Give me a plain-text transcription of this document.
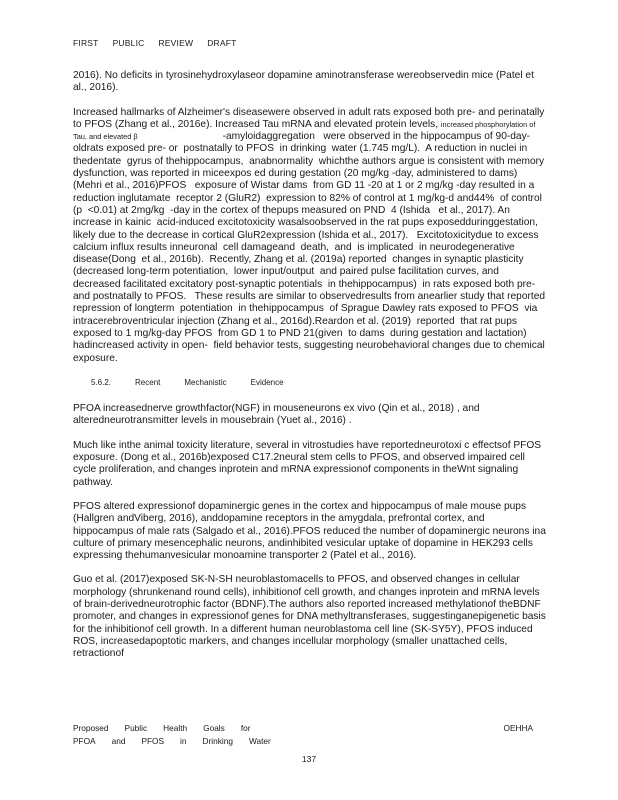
FIRST PUBLIC REVIEW DRAFT

2016). No deficits in tyrosinehydroxylaseor dopamine aminotransferase wereobservedin mice (Patel et al., 2016).

Increased hallmarks of Alzheimer's diseasewere observed in adult rats exposed both pre- and perinatally to PFOS (Zhang et al., 2016e). Increased Tau mRNA and elevated protein levels, increased phosphorylation of Tau, and elevated β                              -amyloidaggregation   were observed in the hippocampus of 90-day-oldrats exposed pre- or  postnatally to PFOS  in drinking  water (1.745 mg/L).  A reduction in nuclei in thedentate  gyrus of thehippocampus,  anabnormality  whichthe authors argue is consistent with memory  dysfunction, was reported in miceexpos ed during gestation (20 mg/kg -day, administered to dams) (Mehri et al., 2016)PFOS   exposure of Wistar dams  from GD 11 -20 at 1 or 2 mg/kg -day resulted in a reduction inglutamate  receptor 2 (GluR2)  expression to 82% of control at 1 mg/kg-d and44%  of control (p  <0.01) at 2mg/kg  -day in the cortex of thepups measured on PND  4 (Ishida   et al., 2017). An  increase in kainic  acid-induced excitotoxicity wasalsoobserved in the rat pups exposedduringgestation,  likely due to the decrease in cortical GluR2expression (Ishida et al., 2017).   Excitotoxicitydue to excess calcium influx results inneuronal  cell damageand  death,  and  is implicated  in neurodegenerative disease(Dong  et al., 2016b).  Recently, Zhang et al. (2019a) reported  changes in synaptic plasticity (decreased long-term potentiation,  lower input/output  and paired pulse facilitation curves, and decreased facilitated excitatory post-synaptic potentials  in thehippocampus)  in rats exposed both pre- and postnatally to PFOS.   These results are similar to observedresults from anearlier study that reported repression of longterm  potentiation  in thehippocampus  of Sprague Dawley rats exposed to PFOS  via intracerebroventricular injection (Zhang et al., 2016d).Reardon et al. (2019)  reported  that rat pups exposed to 1 mg/kg-day PFOS  from GD 1 to PND 21(given  to dams  during gestation and lactation) hadincreased activity in open-  field behavior tests, suggesting neurobehavioral changes due to chemical exposure.

5.6.2.	Recent	Mechanistic	Evidence

PFOA increasednerve growthfactor(NGF) in mouseneurons ex vivo (Qin et al., 2018) , and alteredneurotransmitter levels in mousebrain (Yuet al., 2016) .

Much like inthe animal toxicity literature, several in vitrostudies have reportedneurotoxi c effectsof PFOS exposure. (Dong et al., 2016b)exposed C17.2neural stem cells to PFOS, and observed impaired cell cycle proliferation, and changes inprotein and mRNA expressionof components in theWnt signaling pathway.

PFOS altered expressionof dopaminergic genes in the cortex and hippocampus of male mouse pups (Hallgren andViberg, 2016), anddopamine receptors in the amygdala, prefrontal cortex, and hippocampus of male rats (Salgado et al., 2016).PFOS reduced the number of dopaminergic neurons ina culture of primary mesencephalic neurons, andinhibited vesicular uptake of dopamine in HEK293 cells expressing thehumanvesicular monoamine transporter 2 (Patel et al., 2016).

Guo et al. (2017)exposed SK-N-SH neuroblastomacells to PFOS, and observed changes in cellular morphology (shrunkenand round cells), inhibitionof cell growth, and changes inprotein and mRNA levels of brain-derivedneurotrophic factor (BDNF).The authors also reported increased methylationof theBDNF promoter, and changes in expressionof genes for DNA methyltransferases, suggestinganepigenetic basis for the inhibitionof cell growth. In a different human neuroblastoma cell line (SK-SY5Y), PFOS induced ROS, increasedapoptotic markers, and changes incellular morphology (smaller unattached cells, retractionof

Proposed Public Health Goals for
PFOA and PFOS in Drinking Water
OEHHA
137
